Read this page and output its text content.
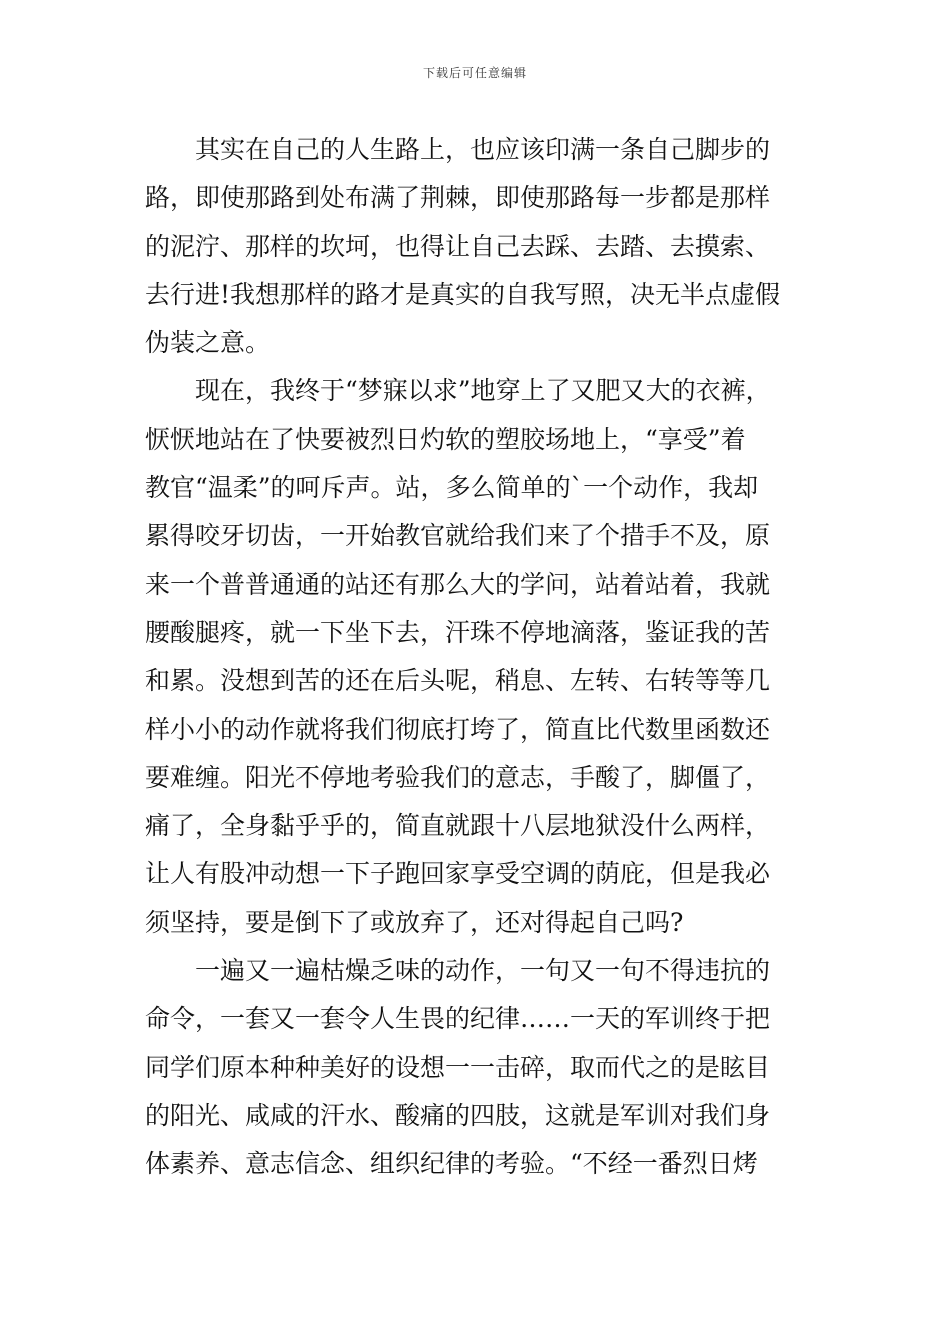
下载后可任意编辑
其实在自己的人生路上，也应该印满一条自己脚步的
路，即使那路到处布满了荆棘，即使那路每一步都是那样
的泥泞、那样的坎坷，也得让自己去踩、去踏、去摸索、
去行进!我想那样的路才是真实的自我写照，决无半点虚假
伪装之意。
现在，我终于“梦寐以求”地穿上了又肥又大的衣裤，
恹恹地站在了快要被烈日灼软的塑胶场地上，“享受”着
教官“温柔”的呵斥声。站，多么简单的`一个动作，我却
累得咬牙切齿，一开始教官就给我们来了个措手不及，原
来一个普普通通的站还有那么大的学问，站着站着，我就
腰酸腿疼，就一下坐下去，汗珠不停地滴落，鉴证我的苦
和累。没想到苦的还在后头呢，稍息、左转、右转等等几
样小小的动作就将我们彻底打垮了，简直比代数里函数还
要难缠。阳光不停地考验我们的意志，手酸了，脚僵了，
痛了，全身黏乎乎的，简直就跟十八层地狱没什么两样，
让人有股冲动想一下子跑回家享受空调的荫庇，但是我必
须坚持，要是倒下了或放弃了，还对得起自己吗?
一遍又一遍枯燥乏味的动作，一句又一句不得违抗的
命令，一套又一套令人生畏的纪律……一天的军训终于把
同学们原本种种美好的设想一一击碎，取而代之的是眩目
的阳光、咸咸的汗水、酸痛的四肢，这就是军训对我们身
体素养、意志信念、组织纪律的考验。“不经一番烈日烤
